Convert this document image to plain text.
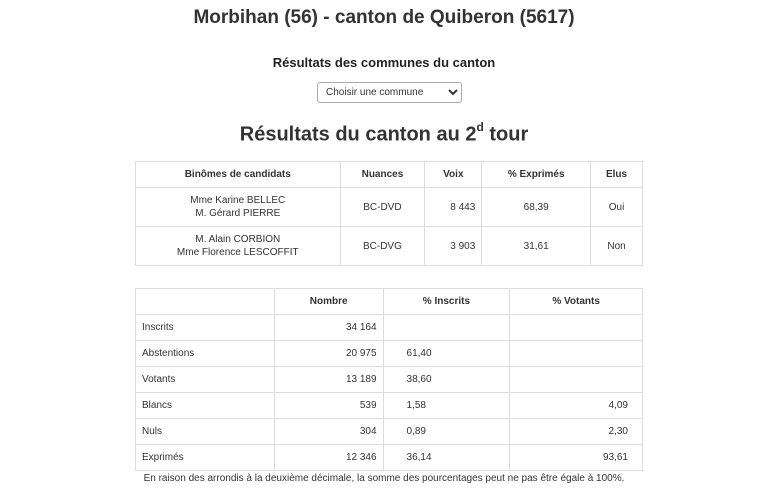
Morbihan (56) - canton de Quiberon (5617)
Résultats des communes du canton
Choisir une commune
Résultats du canton au 2$^d$ tour
Binômes de candidats	Nuances	Voix	% Exprimés	Elus

Mme Karine BELLEC
M. Gérard PIERRE	BC-DVD	8 443	68,39	Oui

M. Alain CORBION
Mme Florence LESCOFFIT	BC-DVG	3 903	31,61	Non
	Nombre	% Inscrits	% Votants
Inscrits	34 164		
Abstentions	20 975	61,40	
Votants	13 189	38,60	
Blancs	539	1,58	4,09
Nuls	304	0,89	2,30
Exprimés	12 346	36,14	93,61

En raison des arrondis à la deuxième décimale, la somme des pourcentages peut ne pas être égale à 100%.
